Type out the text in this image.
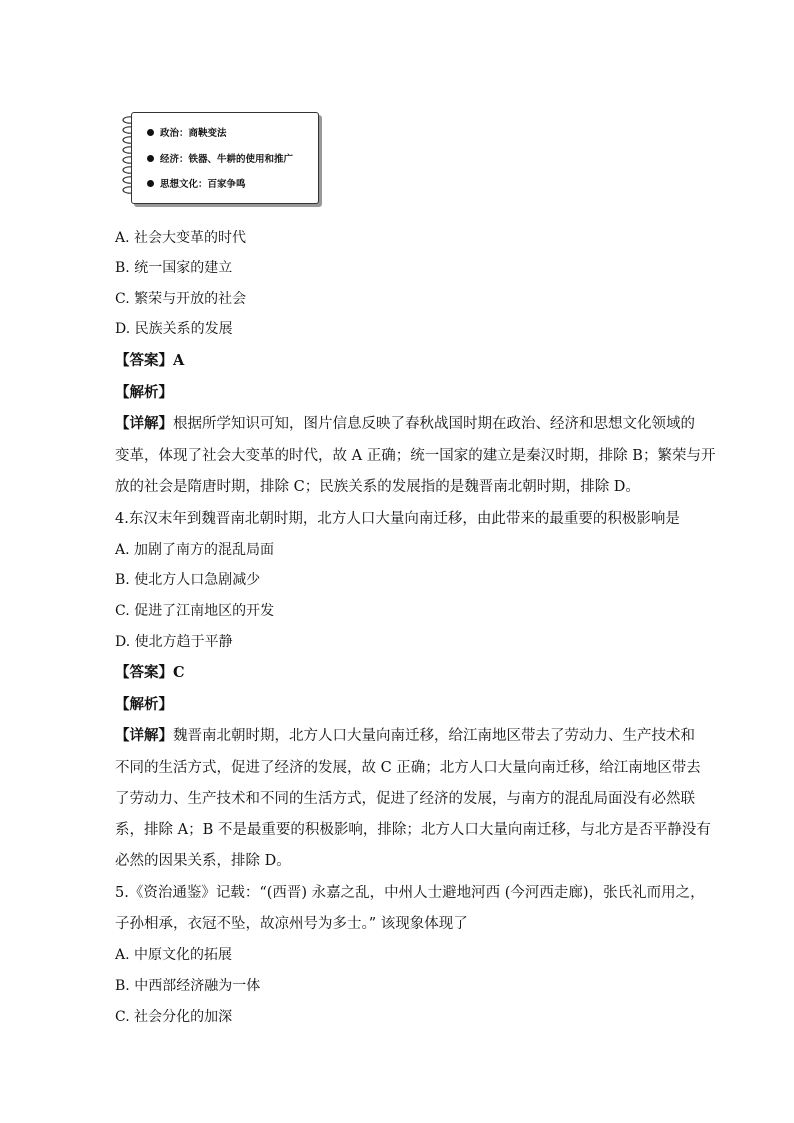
政治：商鞅变法
经济：铁器、牛耕的使用和推广
思想文化：百家争鸣
A. 社会大变革的时代
B. 统一国家的建立
C. 繁荣与开放的社会
D. 民族关系的发展
【答案】A
【解析】
【详解】根据所学知识可知，图片信息反映了春秋战国时期在政治、经济和思想文化领域的
变革，体现了社会大变革的时代，故 A 正确；统一国家的建立是秦汉时期，排除 B；繁荣与开
放的社会是隋唐时期，排除 C；民族关系的发展指的是魏晋南北朝时期，排除 D。
4.东汉末年到魏晋南北朝时期，北方人口大量向南迁移，由此带来的最重要的积极影响是
A. 加剧了南方的混乱局面
B. 使北方人口急剧减少
C. 促进了江南地区的开发
D. 使北方趋于平静
【答案】C
【解析】
【详解】魏晋南北朝时期，北方人口大量向南迁移，给江南地区带去了劳动力、生产技术和
不同的生活方式，促进了经济的发展，故 C 正确；北方人口大量向南迁移，给江南地区带去
了劳动力、生产技术和不同的生活方式，促进了经济的发展，与南方的混乱局面没有必然联
系，排除 A；B 不是最重要的积极影响，排除；北方人口大量向南迁移，与北方是否平静没有
必然的因果关系，排除 D。
5.《资治通鉴》记载：“(西晋) 永嘉之乱，中州人士避地河西 (今河西走廊)，张氏礼而用之，
子孙相承，衣冠不坠，故凉州号为多士。” 该现象体现了
A. 中原文化的拓展
B. 中西部经济融为一体
C. 社会分化的加深
